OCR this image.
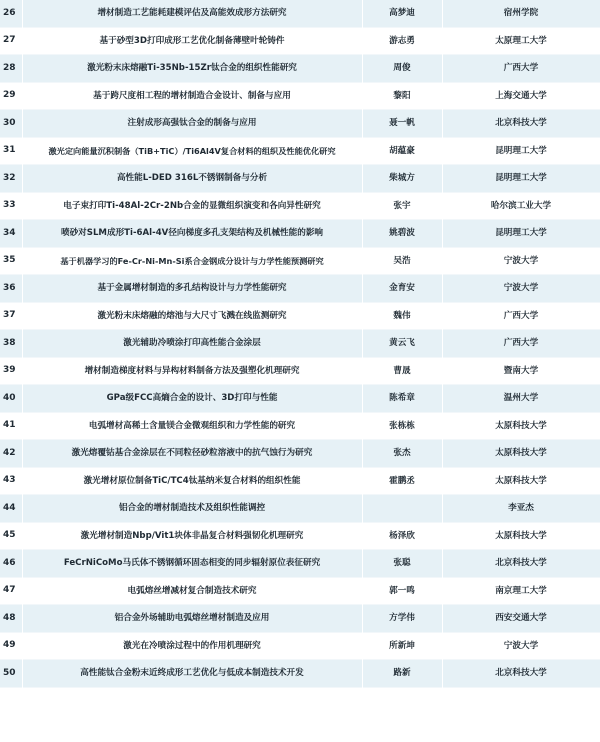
26	增材制造工艺能耗建模评估及高能效成形方法研究	高梦迪	宿州学院
27	基于砂型3D打印成形工艺优化制备薄壁叶轮铸件	游志勇	太原理工大学
28	激光粉末床熔融Ti-35Nb-15Zr钛合金的组织性能研究	周俊	广西大学
29	基于跨尺度相工程的增材制造合金设计、制备与应用	黎阳	上海交通大学
30	注射成形高强钛合金的制备与应用	聂一帆	北京科技大学
31	激光定向能量沉积制备（TiB+TiC）/Ti6Al4V复合材料的组织及性能优化研究	胡蕴豪	昆明理工大学
32	高性能L-DED 316L不锈钢制备与分析	柴城方	昆明理工大学
33	电子束打印Ti-48Al-2Cr-2Nb合金的显微组织演变和各向异性研究	张宇	哈尔滨工业大学
34	喷砂对SLM成形Ti-6Al-4V径向梯度多孔支架结构及机械性能的影响	姚碧波	昆明理工大学
35	基于机器学习的Fe-Cr-Ni-Mn-Si系合金钢成分设计与力学性能预测研究	吴浩	宁波大学
36	基于金属增材制造的多孔结构设计与力学性能研究	金育安	宁波大学
37	激光粉末床熔融的熔池与大尺寸飞溅在线监测研究	魏伟	广西大学
38	激光辅助冷喷涂打印高性能合金涂层	黄云飞	广西大学
39	增材制造梯度材料与异构材料制备方法及强塑化机理研究	曹晟	暨南大学
40	GPa级FCC高熵合金的设计、3D打印与性能	陈希章	温州大学
41	电弧增材高稀土含量镁合金微观组织和力学性能的研究	张栋栋	太原科技大学
42	激光熔覆钴基合金涂层在不同粒径砂粒溶液中的抗气蚀行为研究	张杰	太原科技大学
43	激光增材原位制备TiC/TC4钛基纳米复合材料的组织性能	霍鹏丞	太原科技大学
44	铝合金的增材制造技术及组织性能调控		李亚杰
45	激光增材制造Nbp/Vit1块体非晶复合材料强韧化机理研究	杨泽欣	太原科技大学
46	FeCrNiCoMo马氏体不锈钢循环固态相变的同步辐射原位表征研究	张聪	北京科技大学
47	电弧熔丝增减材复合制造技术研究	郭一鸣	南京理工大学
48	铝合金外场辅助电弧熔丝增材制造及应用	方学伟	西安交通大学
49	激光在冷喷涂过程中的作用机理研究	所新坤	宁波大学
50	高性能钛合金粉末近终成形工艺优化与低成本制造技术开发	路新	北京科技大学
